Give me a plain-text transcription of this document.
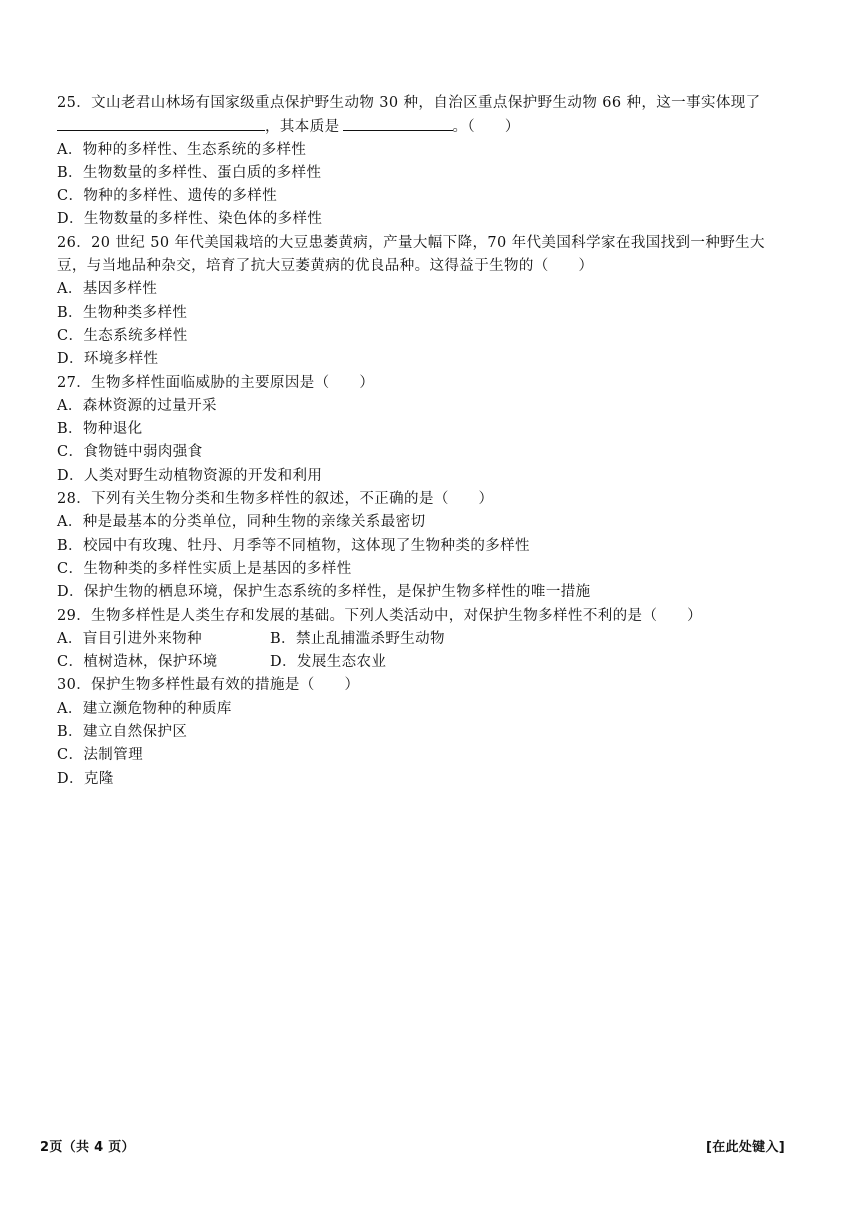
25．文山老君山林场有国家级重点保护野生动物 30 种，自治区重点保护野生动物 66 种，这一事实体现了
，其本质是	。（　　）
A．物种的多样性、生态系统的多样性
B．生物数量的多样性、蛋白质的多样性
C．物种的多样性、遗传的多样性
D．生物数量的多样性、染色体的多样性
26．20 世纪 50 年代美国栽培的大豆患萎黄病，产量大幅下降，70 年代美国科学家在我国找到一种野生大
豆，与当地品种杂交，培育了抗大豆萎黄病的优良品种。这得益于生物的（　　）
A．基因多样性
B．生物种类多样性
C．生态系统多样性
D．环境多样性
27．生物多样性面临威胁的主要原因是（　　）
A．森林资源的过量开采
B．物种退化
C．食物链中弱肉强食
D．人类对野生动植物资源的开发和利用
28．下列有关生物分类和生物多样性的叙述，不正确的是（　　）
A．种是最基本的分类单位，同种生物的亲缘关系最密切
B．校园中有玫瑰、牡丹、月季等不同植物，这体现了生物种类的多样性
C．生物种类的多样性实质上是基因的多样性
D．保护生物的栖息环境，保护生态系统的多样性，是保护生物多样性的唯一措施
29．生物多样性是人类生存和发展的基础。下列人类活动中，对保护生物多样性不利的是（　　）
A．盲目引进外来物种	B．禁止乱捕滥杀野生动物
C．植树造林，保护环境	D．发展生态农业
30．保护生物多样性最有效的措施是（　　）
A．建立濒危物种的种质库
B．建立自然保护区
C．法制管理
D．克隆
2页（共 4 页）	[在此处键入]
